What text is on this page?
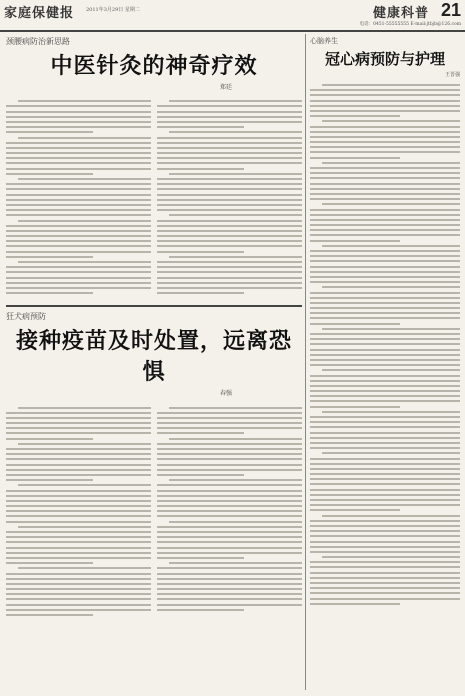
家庭保健报 2011年3月29日 星期二	健康科普 21
电话：0451-55555555 E-mail:jtbjb@126.com
颈腰病防治新思路
中医针灸的神奇疗效
郑廷
狂犬病预防
接种疫苗及时处置，远离恐惧
春强
心脑养生
冠心病预防与护理
王晋强
